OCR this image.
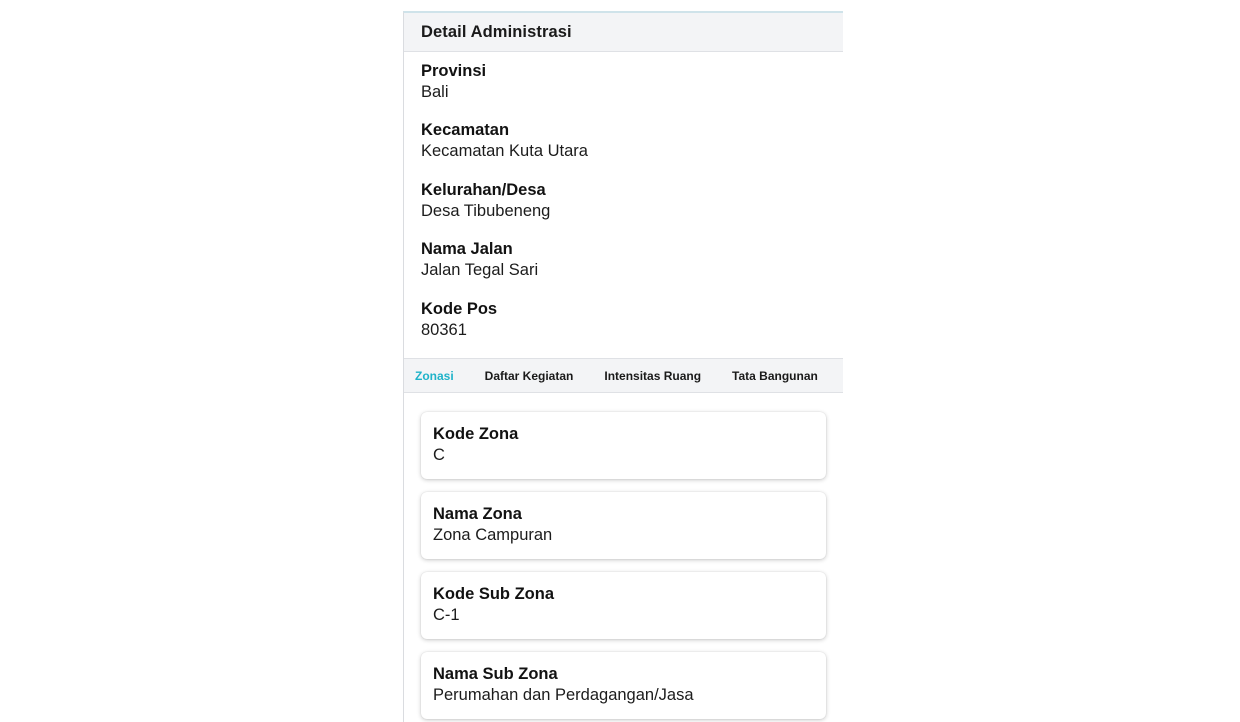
Detail Administrasi
Provinsi
Bali
Kecamatan
Kecamatan Kuta Utara
Kelurahan/Desa
Desa Tibubeneng
Nama Jalan
Jalan Tegal Sari
Kode Pos
80361
Zonasi	Daftar Kegiatan	Intensitas Ruang	Tata Bangunan
Kode Zona
C
Nama Zona
Zona Campuran
Kode Sub Zona
C-1
Nama Sub Zona
Perumahan dan Perdagangan/Jasa
